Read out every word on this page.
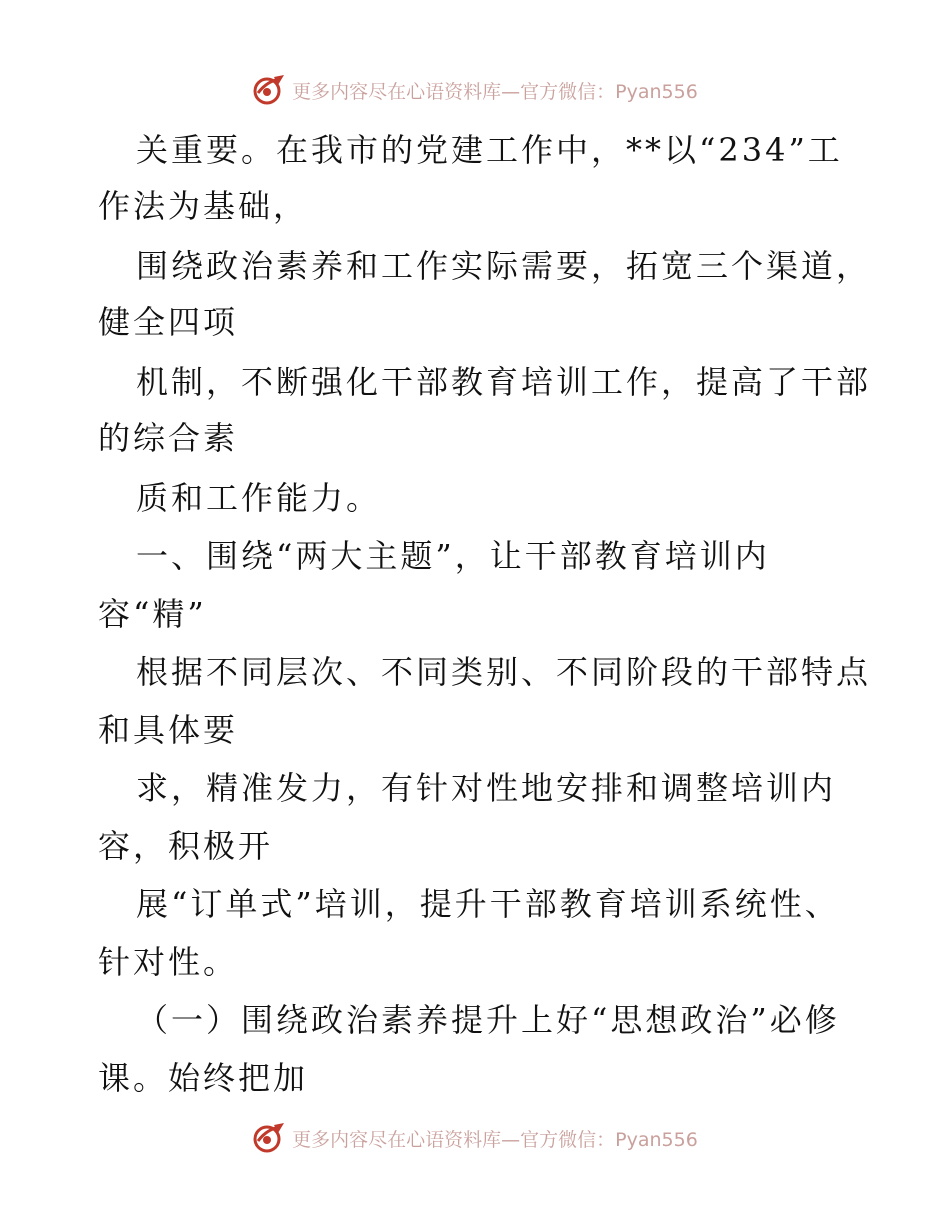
更多内容尽在心语资料库—官方微信：Pyan556
关重要。在我市的党建工作中，**以“234”工
作法为基础，
围绕政治素养和工作实际需要，拓宽三个渠道，
健全四项
机制，不断强化干部教育培训工作，提高了干部
的综合素
质和工作能力。
一、围绕“两大主题”，让干部教育培训内
容“精”
根据不同层次、不同类别、不同阶段的干部特点
和具体要
求，精准发力，有针对性地安排和调整培训内
容，积极开
展“订单式”培训，提升干部教育培训系统性、
针对性。
（一）围绕政治素养提升上好“思想政治”必修
课。始终把加
更多内容尽在心语资料库—官方微信：Pyan556
